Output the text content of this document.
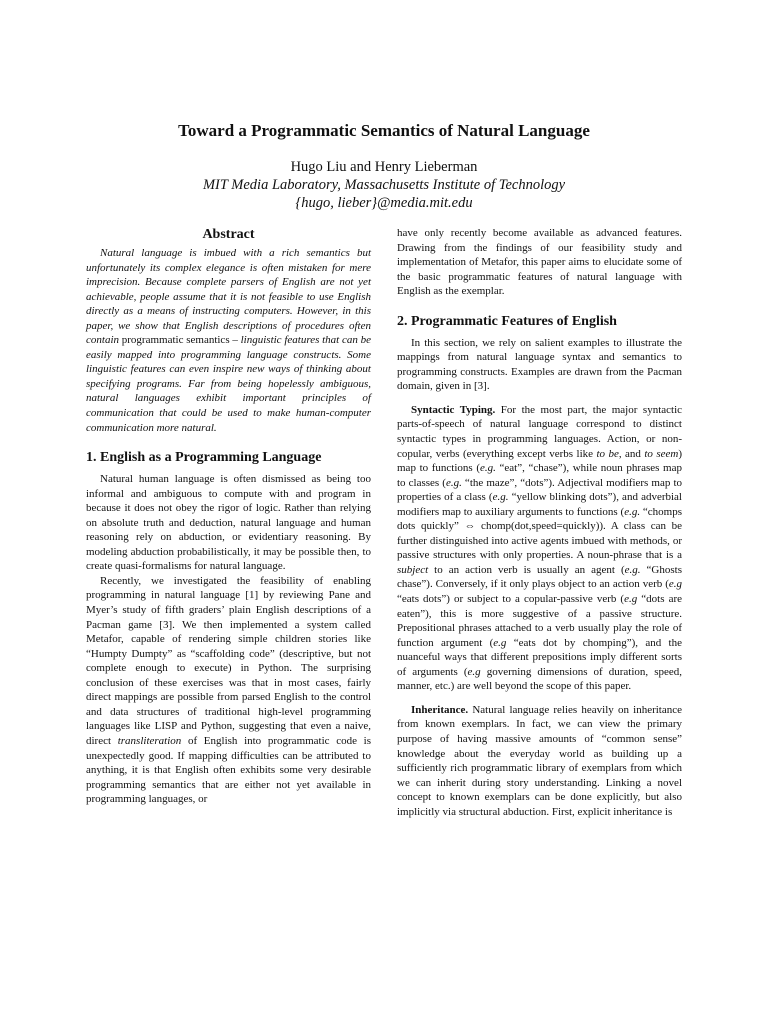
Toward a Programmatic Semantics of Natural Language
Hugo Liu and Henry Lieberman
MIT Media Laboratory, Massachusetts Institute of Technology
{hugo, lieber}@media.mit.edu
Abstract

Natural language is imbued with a rich semantics but unfortunately its complex elegance is often mistaken for mere imprecision. Because complete parsers of English are not yet achievable, people assume that it is not feasible to use English directly as a means of instructing computers. However, in this paper, we show that English descriptions of procedures often contain programmatic semantics – linguistic features that can be easily mapped into programming language constructs. Some linguistic features can even inspire new ways of thinking about specifying programs. Far from being hopelessly ambiguous, natural languages exhibit important principles of communication that could be used to make human-computer communication more natural.

1. English as a Programming Language

Natural human language is often dismissed as being too informal and ambiguous to compute with and program in because it does not obey the rigor of logic. Rather than relying on absolute truth and deduction, natural language and human reasoning rely on abduction, or evidentiary reasoning. By modeling abduction probabilistically, it may be possible then, to create quasi-formalisms for natural language.

Recently, we investigated the feasibility of enabling programming in natural language [1] by reviewing Pane and Myer’s study of fifth graders’ plain English descriptions of a Pacman game [3]. We then implemented a system called Metafor, capable of rendering simple children stories like “Humpty Dumpty” as “scaffolding code” (descriptive, but not complete enough to execute) in Python. The surprising conclusion of these exercises was that in most cases, fairly direct mappings are possible from parsed English to the control and data structures of traditional high-level programming languages like LISP and Python, suggesting that even a naive, direct transliteration of English into programmatic code is unexpectedly good. If mapping difficulties can be attributed to anything, it is that English often exhibits some very desirable programming semantics that are either not yet available in programming languages, or

have only recently become available as advanced features. Drawing from the findings of our feasibility study and implementation of Metafor, this paper aims to elucidate some of the basic programmatic features of natural language with English as the exemplar.

2. Programmatic Features of English

In this section, we rely on salient examples to illustrate the mappings from natural language syntax and semantics to programming constructs. Examples are drawn from the Pacman domain, given in [3].

Syntactic Typing. For the most part, the major syntactic parts-of-speech of natural language correspond to distinct syntactic types in programming languages. Action, or non-copular, verbs (everything except verbs like to be, and to seem) map to functions (e.g. “eat”, “chase”), while noun phrases map to classes (e.g. “the maze”, “dots”). Adjectival modifiers map to properties of a class (e.g. “yellow blinking dots”), and adverbial modifiers map to auxiliary arguments to functions (e.g. “chomps dots quickly” ⇔ chomp(dot,speed=quickly)). A class can be further distinguished into active agents imbued with methods, or passive structures with only properties. A noun-phrase that is a subject to an action verb is usually an agent (e.g. “Ghosts chase”). Conversely, if it only plays object to an action verb (e.g “eats dots”) or subject to a copular-passive verb (e.g “dots are eaten”), this is more suggestive of a passive structure. Prepositional phrases attached to a verb usually play the role of function argument (e.g “eats dot by chomping”), and the nuanceful ways that different prepositions imply different sorts of arguments (e.g governing dimensions of duration, speed, manner, etc.) are well beyond the scope of this paper.

Inheritance. Natural language relies heavily on inheritance from known exemplars. In fact, we can view the primary purpose of having massive amounts of “common sense” knowledge about the everyday world as building up a sufficiently rich programmatic library of exemplars from which we can inherit during story understanding. Linking a novel concept to known exemplars can be done explicitly, but also implicitly via structural abduction. First, explicit inheritance is
